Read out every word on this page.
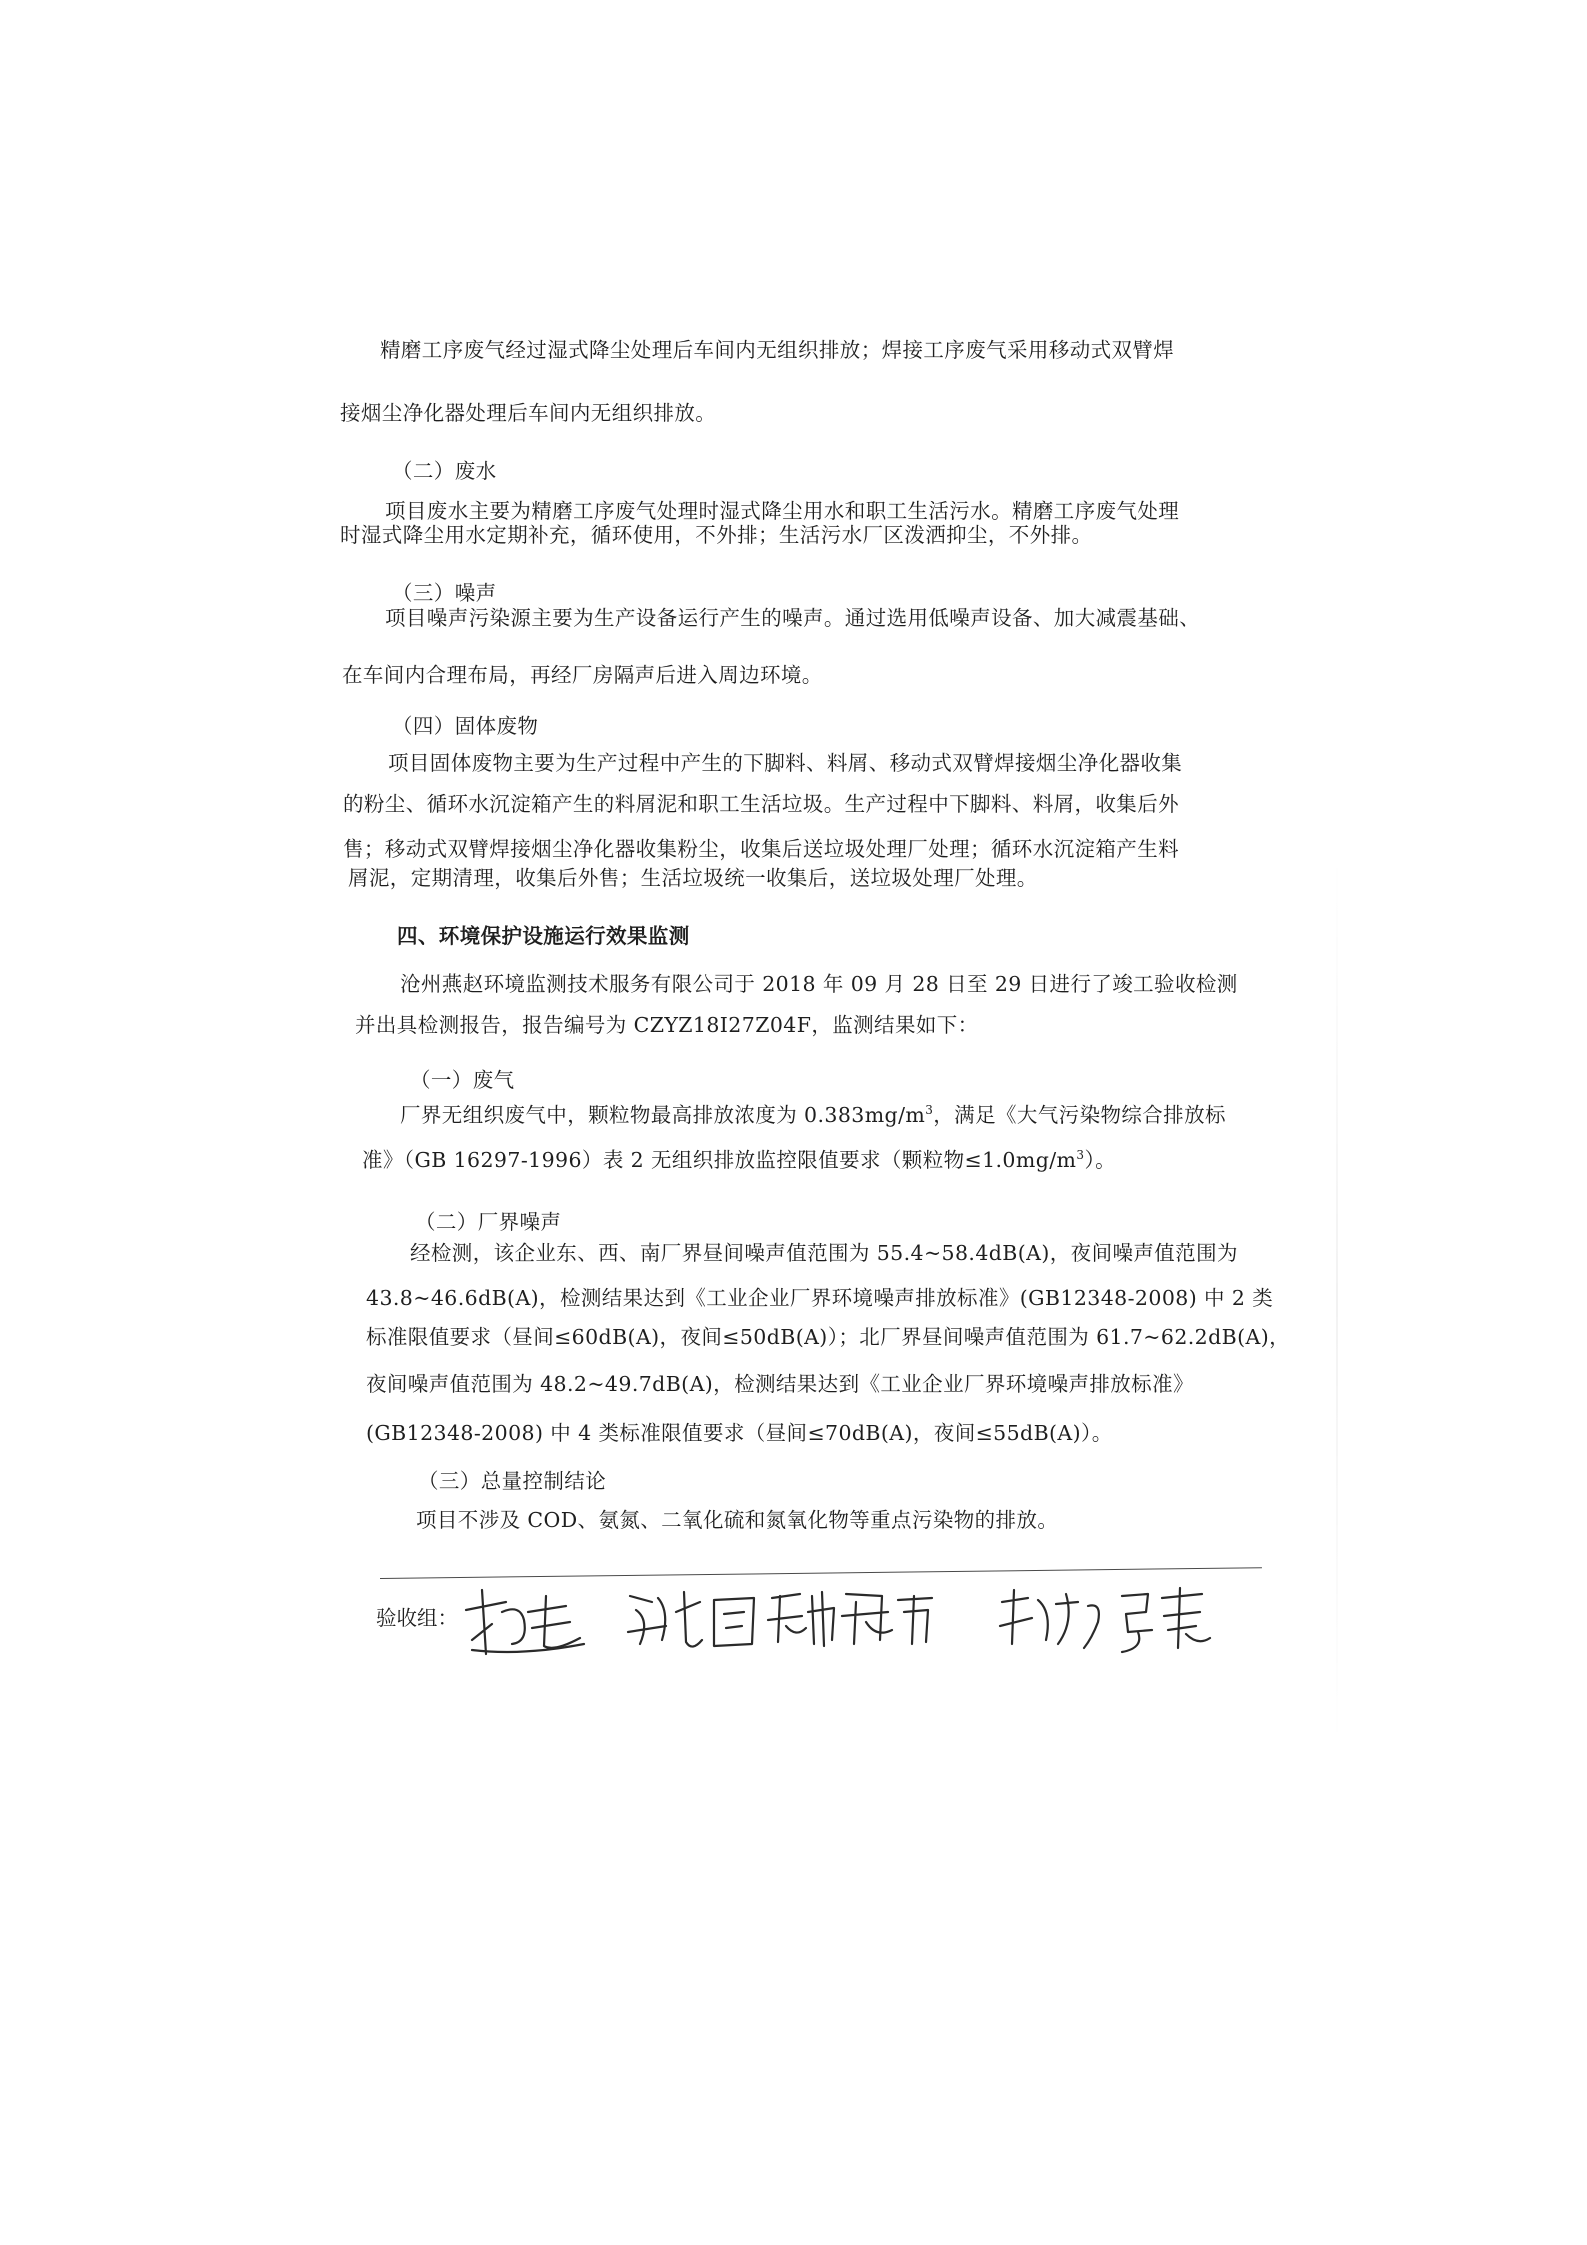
精磨工序废气经过湿式降尘处理后车间内无组织排放；焊接工序废气采用移动式双臂焊
接烟尘净化器处理后车间内无组织排放。
（二）废水
项目废水主要为精磨工序废气处理时湿式降尘用水和职工生活污水。精磨工序废气处理
时湿式降尘用水定期补充，循环使用，不外排；生活污水厂区泼洒抑尘，不外排。
（三）噪声
项目噪声污染源主要为生产设备运行产生的噪声。通过选用低噪声设备、加大减震基础、
在车间内合理布局，再经厂房隔声后进入周边环境。
（四）固体废物
项目固体废物主要为生产过程中产生的下脚料、料屑、移动式双臂焊接烟尘净化器收集
的粉尘、循环水沉淀箱产生的料屑泥和职工生活垃圾。生产过程中下脚料、料屑，收集后外
售；移动式双臂焊接烟尘净化器收集粉尘，收集后送垃圾处理厂处理；循环水沉淀箱产生料
屑泥，定期清理，收集后外售；生活垃圾统一收集后，送垃圾处理厂处理。
四、环境保护设施运行效果监测
沧州燕赵环境监测技术服务有限公司于 2018 年 09 月 28 日至 29 日进行了竣工验收检测
并出具检测报告，报告编号为 CZYZ18I27Z04F，监测结果如下：
（一）废气
厂界无组织废气中，颗粒物最高排放浓度为 $0.383mg/m^3$，满足《大气污染物综合排放标
准》（GB 16297-1996）表 2 无组织排放监控限值要求（颗粒物$\le 1.0mg/m^3$）。
（二）厂界噪声
经检测，该企业东、西、南厂界昼间噪声值范围为 55.4~58.4dB(A)，夜间噪声值范围为
43.8~46.6dB(A)，检测结果达到《工业企业厂界环境噪声排放标准》(GB12348-2008) 中 2 类
标准限值要求（昼间≤60dB(A)，夜间≤50dB(A)）；北厂界昼间噪声值范围为 61.7~62.2dB(A)，
夜间噪声值范围为 48.2~49.7dB(A)，检测结果达到《工业企业厂界环境噪声排放标准》
(GB12348-2008) 中 4 类标准限值要求（昼间≤70dB(A)，夜间≤55dB(A)）。
（三）总量控制结论
项目不涉及 COD、氨氮、二氧化硫和氮氧化物等重点污染物的排放。
验收组：
